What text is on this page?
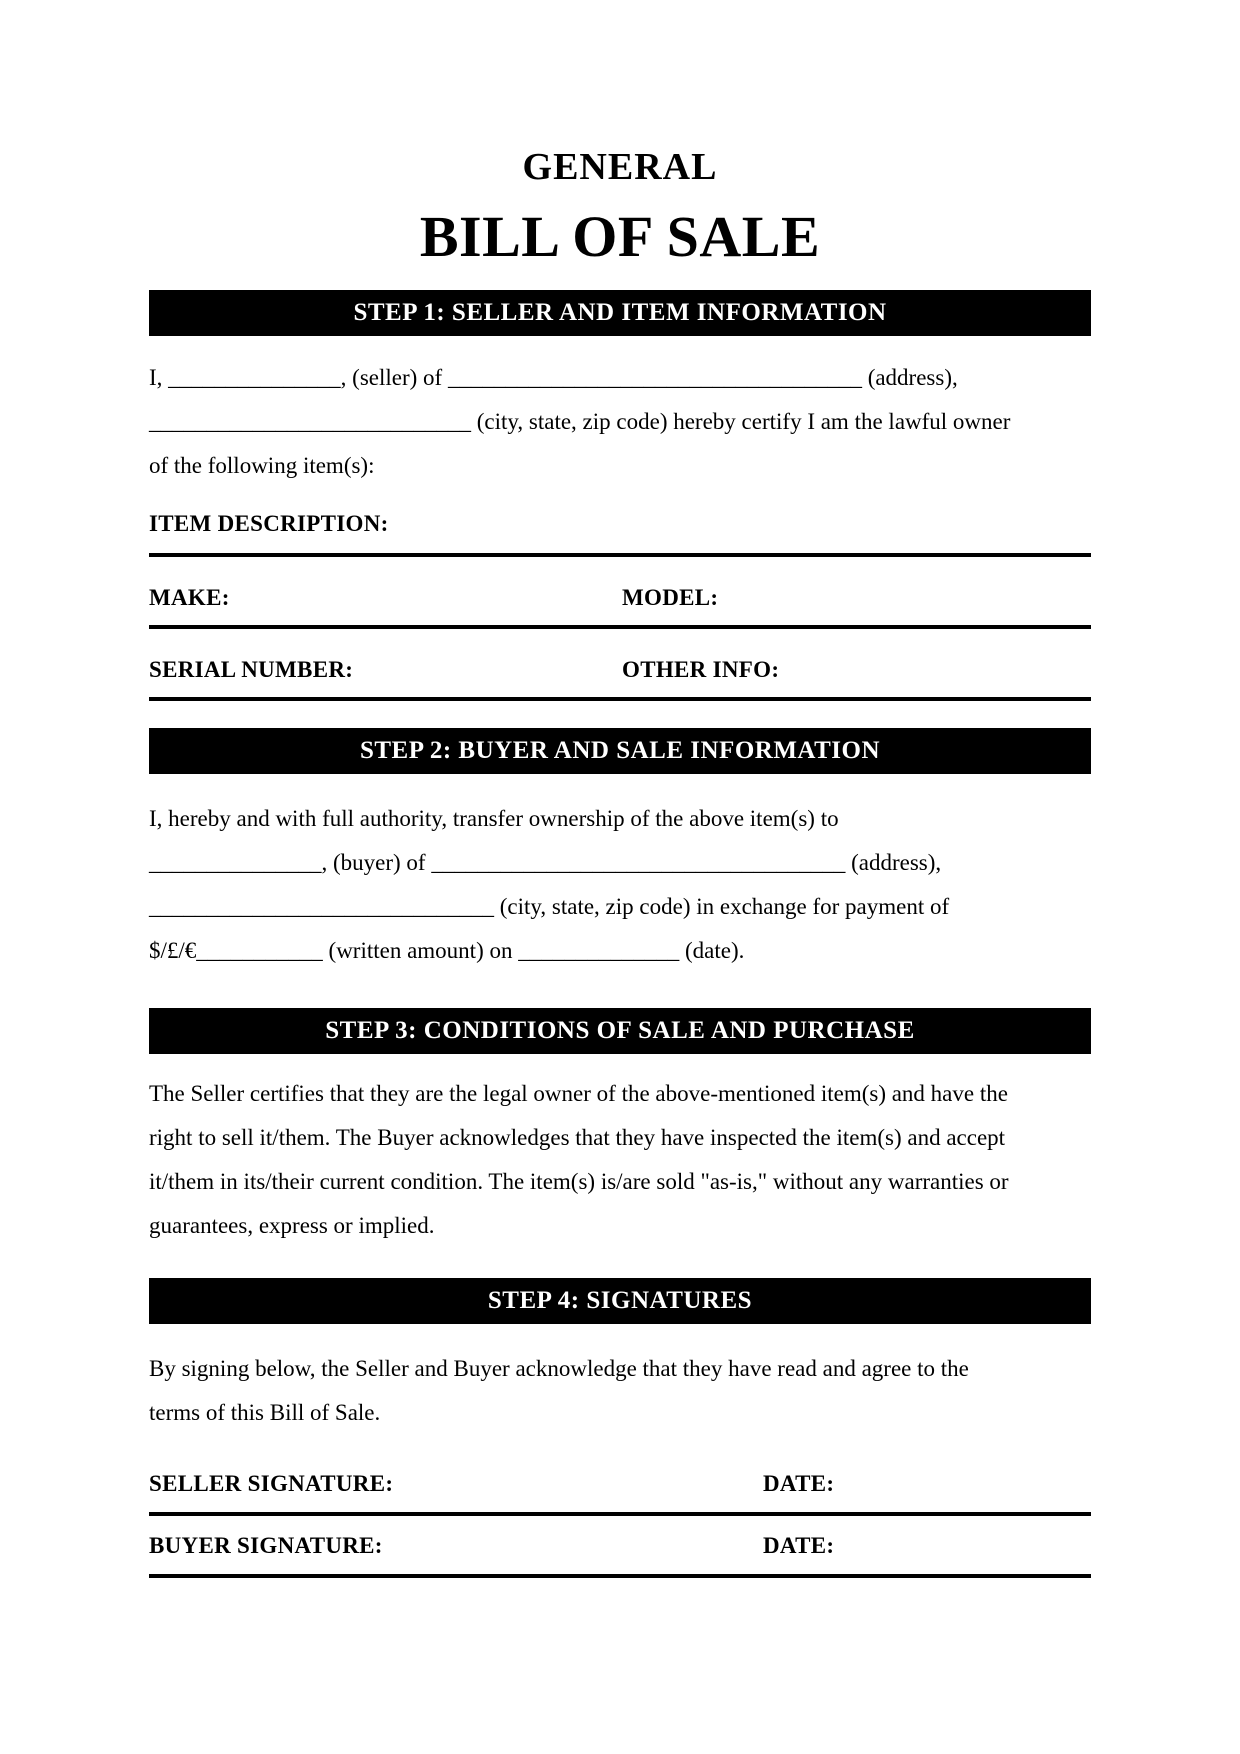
GENERAL
BILL OF SALE
STEP 1: SELLER AND ITEM INFORMATION
I, _______________, (seller) of ____________________________________ (address),
____________________________ (city, state, zip code) hereby certify I am the lawful owner
of the following item(s):
ITEM DESCRIPTION:
MAKE:	MODEL:
SERIAL NUMBER:	OTHER INFO:
STEP 2: BUYER AND SALE INFORMATION
I, hereby and with full authority, transfer ownership of the above item(s) to
_______________, (buyer) of ____________________________________ (address),
______________________________ (city, state, zip code) in exchange for payment of
$/£/€___________ (written amount) on ______________ (date).
STEP 3: CONDITIONS OF SALE AND PURCHASE
The Seller certifies that they are the legal owner of the above-mentioned item(s) and have the
right to sell it/them. The Buyer acknowledges that they have inspected the item(s) and accept
it/them in its/their current condition. The item(s) is/are sold "as-is," without any warranties or
guarantees, express or implied.
STEP 4: SIGNATURES
By signing below, the Seller and Buyer acknowledge that they have read and agree to the
terms of this Bill of Sale.
SELLER SIGNATURE:	DATE:
BUYER SIGNATURE:	DATE:
